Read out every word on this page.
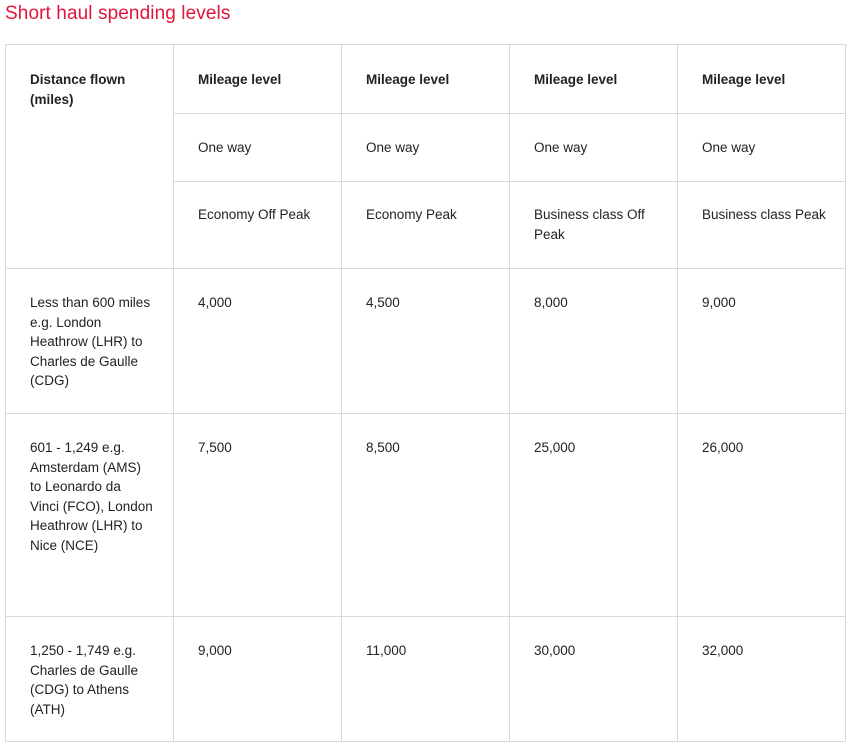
Short haul spending levels
Distance flown (miles)	Mileage level	Mileage level	Mileage level	Mileage level
	One way	One way	One way	One way
	Economy Off Peak	Economy Peak	Business class Off Peak	Business class Peak
Less than 600 miles e.g. London Heathrow (LHR) to Charles de Gaulle (CDG)	4,000	4,500	8,000	9,000
601 - 1,249 e.g. Amsterdam (AMS) to Leonardo da Vinci (FCO), London Heathrow (LHR) to Nice (NCE)	7,500	8,500	25,000	26,000
1,250 - 1,749 e.g. Charles de Gaulle (CDG) to Athens (ATH)	9,000	11,000	30,000	32,000
